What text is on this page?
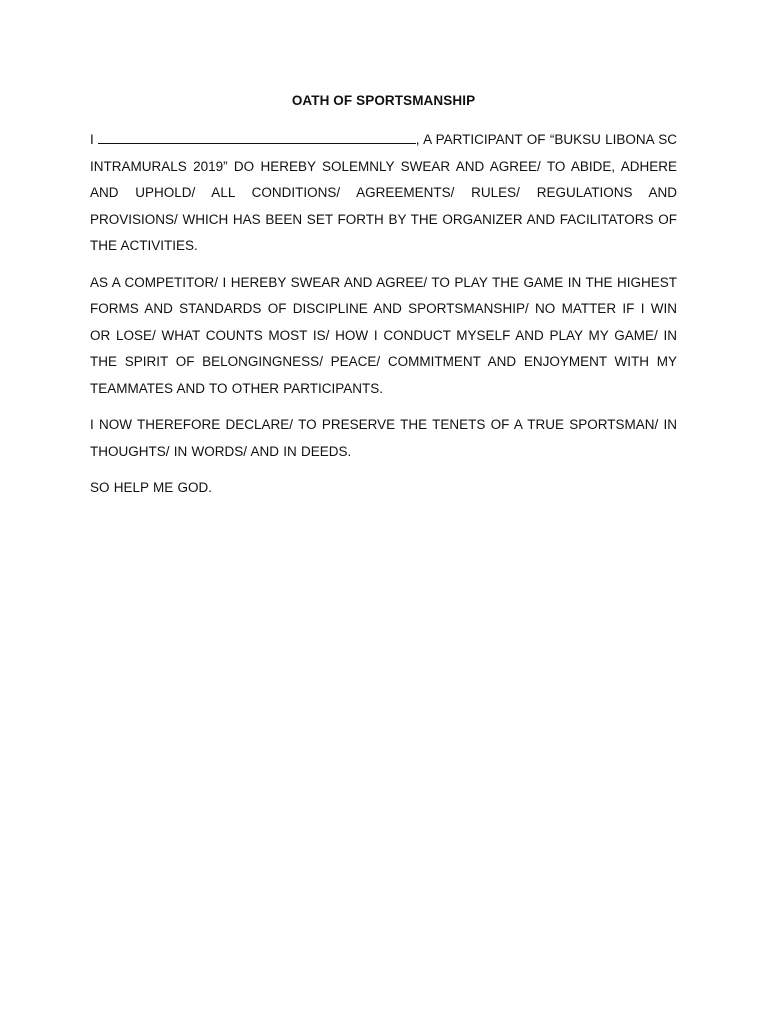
OATH OF SPORTSMANSHIP

I	, A PARTICIPANT OF “BUKSU LIBONA SC INTRAMURALS 2019” DO HEREBY SOLEMNLY SWEAR AND AGREE/ TO ABIDE, ADHERE AND UPHOLD/ ALL CONDITIONS/ AGREEMENTS/ RULES/ REGULATIONS AND PROVISIONS/ WHICH HAS BEEN SET FORTH BY THE ORGANIZER AND FACILITATORS OF THE ACTIVITIES.

AS A COMPETITOR/ I HEREBY SWEAR AND AGREE/ TO PLAY THE GAME IN THE HIGHEST FORMS AND STANDARDS OF DISCIPLINE AND SPORTSMANSHIP/ NO MATTER IF I WIN OR LOSE/ WHAT COUNTS MOST IS/ HOW I CONDUCT MYSELF AND PLAY MY GAME/ IN THE SPIRIT OF BELONGINGNESS/ PEACE/ COMMITMENT AND ENJOYMENT WITH MY TEAMMATES AND TO OTHER PARTICIPANTS.

I NOW THEREFORE DECLARE/ TO PRESERVE THE TENETS OF A TRUE SPORTSMAN/ IN THOUGHTS/ IN WORDS/ AND IN DEEDS.

SO HELP ME GOD.
